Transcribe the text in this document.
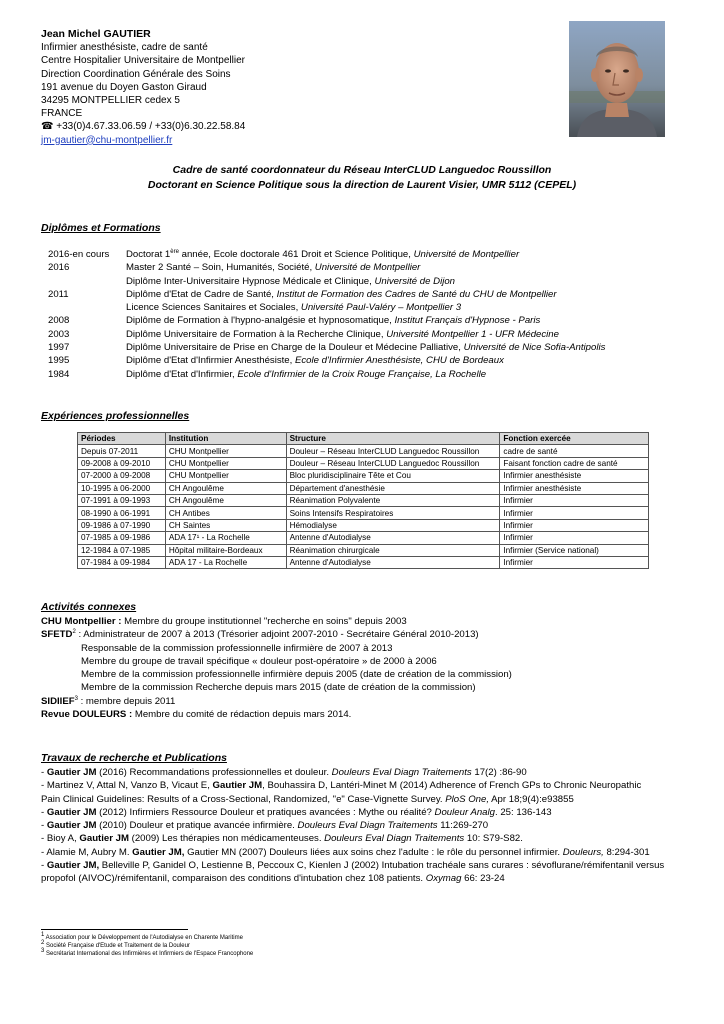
Jean Michel GAUTIER
Infirmier anesthésiste, cadre de santé
Centre Hospitalier Universitaire de Montpellier
Direction Coordination Générale des Soins
191 avenue du Doyen Gaston Giraud
34295 MONTPELLIER cedex 5
FRANCE
☎ +33(0)4.67.33.06.59 / +33(0)6.30.22.58.84
jm-gautier@chu-montpellier.fr
Cadre de santé coordonnateur du Réseau InterCLUD Languedoc Roussillon
Doctorant en Science Politique sous la direction de Laurent Visier, UMR 5112 (CEPEL)
Diplômes et Formations
2016-en cours Doctorat 1ère année, Ecole doctorale 461 Droit et Science Politique, Université de Montpellier
2016	Master 2 Santé – Soin, Humanités, Société, Université de Montpellier
Diplôme Inter-Universitaire Hypnose Médicale et Clinique, Université de Dijon
2011	Diplôme d'Etat de Cadre de Santé, Institut de Formation des Cadres de Santé du CHU de Montpellier
Licence Sciences Sanitaires et Sociales, Université Paul-Valéry – Montpellier 3
2008	Diplôme de Formation à l'hypno-analgésie et hypnosomatique, Institut Français d'Hypnose - Paris
2003	Diplôme Universitaire de Formation à la Recherche Clinique, Université Montpellier 1 - UFR Médecine
1997	Diplôme Universitaire de Prise en Charge de la Douleur et Médecine Palliative, Université de Nice Sofia-Antipolis
1995	Diplôme d'Etat d'Infirmier Anesthésiste, Ecole d'Infirmier Anesthésiste, CHU de Bordeaux
1984	Diplôme d'Etat d'Infirmier, Ecole d'Infirmier de la Croix Rouge Française, La Rochelle
Expériences professionnelles
Périodes	Institution	Structure	Fonction exercée
Depuis 07-2011	CHU Montpellier	Douleur – Réseau InterCLUD Languedoc Roussillon	cadre de santé
09-2008 à 09-2010	CHU Montpellier	Douleur – Réseau InterCLUD Languedoc Roussillon	Faisant fonction cadre de santé
07-2000 à 09-2008	CHU Montpellier	Bloc pluridisciplinaire Tête et Cou	Infirmier anesthésiste
10-1995 à 06-2000	CH Angoulême	Département d'anesthésie	Infirmier anesthésiste
07-1991 à 09-1993	CH Angoulême	Réanimation Polyvalente	Infirmier
08-1990 à 06-1991	CH Antibes	Soins Intensifs Respiratoires	Infirmier
09-1986 à 07-1990	CH Saintes	Hémodialyse	Infirmier
07-1985 à 09-1986	ADA 17¹ - La Rochelle	Antenne d'Autodialyse	Infirmier
12-1984 à 07-1985	Hôpital militaire-Bordeaux	Réanimation chirurgicale	Infirmier (Service national)
07-1984 à 09-1984	ADA 17 - La Rochelle	Antenne d'Autodialyse	Infirmier
Activités connexes
CHU Montpellier : Membre du groupe institutionnel "recherche en soins" depuis 2003
SFETD$^2$ : Administrateur de 2007 à 2013 (Trésorier adjoint 2007-2010 - Secrétaire Général 2010-2013)
Responsable de la commission professionnelle infirmière de 2007 à 2013
Membre du groupe de travail spécifique « douleur post-opératoire » de 2000 à 2006
Membre de la commission professionnelle infirmière depuis 2005 (date de création de la commission)
Membre de la commission Recherche depuis mars 2015 (date de création de la commission)
SIDIIEF$^3$ : membre depuis 2011
Revue DOULEURS : Membre du comité de rédaction depuis mars 2014.
Travaux de recherche et Publications
- Gautier JM (2016) Recommandations professionnelles et douleur. Douleurs Eval Diagn Traitements 17(2) :86-90
- Martinez V, Attal N, Vanzo B, Vicaut E, Gautier JM, Bouhassira D, Lantéri-Minet M (2014) Adherence of French GPs to Chronic Neuropathic
Pain Clinical Guidelines: Results of a Cross-Sectional, Randomized, "e" Case-Vignette Survey. PloS One, Apr 18;9(4):e93855
- Gautier JM (2012) Infirmiers Ressource Douleur et pratiques avancées : Mythe ou réalité? Douleur Analg. 25: 136-143
- Gautier JM (2010) Douleur et pratique avancée infirmière. Douleurs Eval Diagn Traitements 11:269-270
- Bioy A, Gautier JM (2009) Les thérapies non médicamenteuses. Douleurs Eval Diagn Traitements 10: S79-S82.
- Alamie M, Aubry M. Gautier JM, Gautier MN (2007) Douleurs liées aux soins chez l'adulte : le rôle du personnel infirmier. Douleurs, 8:294-301
- Gautier JM, Belleville P, Ganidel O, Lestienne B, Peccoux C, Kienlen J (2002) Intubation trachéale sans curares : sévoflurane/rémifentanil versus
propofol (AIVOC)/rémifentanil, comparaison des conditions d'intubation chez 108 patients. Oxymag 66: 23-24
$^1$ Association pour le Développement de l'Autodialyse en Charente Maritime
$^2$ Société Française d'Etude et Traitement de la Douleur
$^3$ Secrétariat International des Infirmières et Infirmiers de l'Espace Francophone
